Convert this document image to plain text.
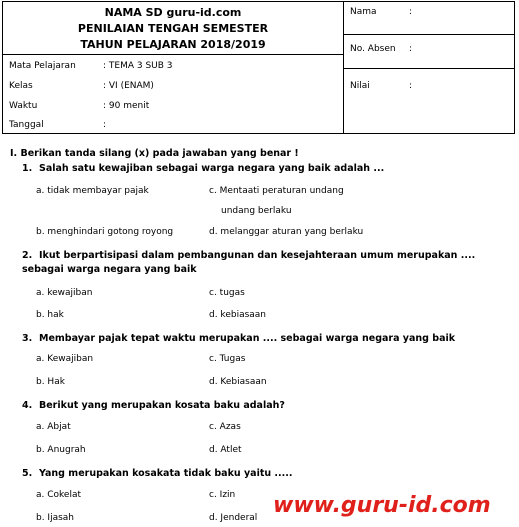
NAMA SD guru-id.com
PENILAIAN TENGAH SEMESTER
TAHUN PELAJARAN 2018/2019
Mata Pelajaran	: TEMA 3 SUB 3
Kelas	: VI (ENAM)
Waktu	: 90 menit
Tanggal	:
Nama	:
No. Absen :
Nilai	:
I. Berikan tanda silang (x) pada jawaban yang benar !
1. Salah satu kewajiban sebagai warga negara yang baik adalah ...
a. tidak membayar pajak	c. Mentaati peraturan undang
undang berlaku
b. menghindari gotong royong	d. melanggar aturan yang berlaku
2. Ikut berpartisipasi dalam pembangunan dan kesejahteraan umum merupakan .... sebagai warga negara yang baik
a. kewajiban	c. tugas
b. hak	d. kebiasaan
3. Membayar pajak tepat waktu merupakan .... sebagai warga negara yang baik
a. Kewajiban	c. Tugas
b. Hak	d. Kebiasaan
4. Berikut yang merupakan kosata baku adalah?
a. Abjat	c. Azas
b. Anugrah	d. Atlet
5. Yang merupakan kosakata tidak baku yaitu .....
a. Cokelat	c. Izin
b. Ijasah	d. Jenderal www.guru-id.com
